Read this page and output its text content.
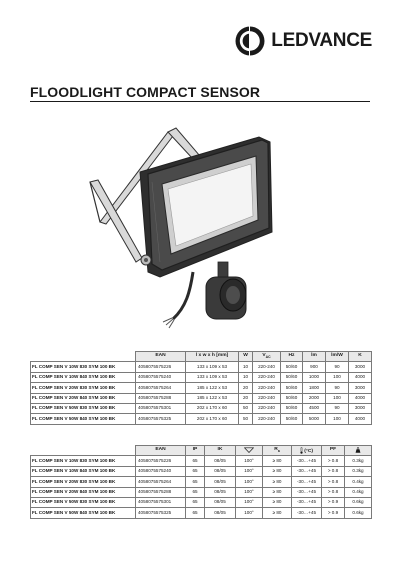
LEDVANCE
FLOODLIGHT COMPACT SENSOR
	EAN	l x w x h [mm]	W	$V_{AC}$	Hz	lm	lm/W	K
FL COMP SEN V 10W 830 SYM 100 BK	4058075575226	133 x 109 x 53	10	220-240	50/60	900	90	3000
FL COMP SEN V 10W 840 SYM 100 BK	4058075575240	133 x 109 x 53	10	220-240	50/60	1000	100	4000
FL COMP SEN V 20W 830 SYM 100 BK	4058075575264	185 x 122 x 53	20	220-240	50/60	1800	90	3000
FL COMP SEN V 20W 840 SYM 100 BK	4058075575288	185 x 122 x 53	20	220-240	50/60	2000	100	4000
FL COMP SEN V 50W 830 SYM 100 BK	4058075575301	202 x 170 x 60	50	220-240	50/60	4500	90	3000
FL COMP SEN V 50W 840 SYM 100 BK	4058075575325	202 x 170 x 60	50	220-240	50/60	5000	100	4000
	EAN	IP	IK		$R_a$	(°C)	PF	
FL COMP SEN V 10W 830 SYM 100 BK	4058075575226	65	08/05	100°	≥ 80	-30…+45	> 0.8	0.3kg
FL COMP SEN V 10W 840 SYM 100 BK	4058075575240	65	08/05	100°	≥ 80	-30…+45	> 0.8	0.3kg
FL COMP SEN V 20W 830 SYM 100 BK	4058075575264	65	08/05	100°	≥ 80	-30…+45	> 0.8	0.4kg
FL COMP SEN V 20W 840 SYM 100 BK	4058075575288	65	08/05	100°	≥ 80	-30…+45	> 0.8	0.4kg
FL COMP SEN V 50W 830 SYM 100 BK	4058075575301	65	08/05	100°	≥ 80	-30…+45	> 0.9	0.6kg
FL COMP SEN V 50W 840 SYM 100 BK	4058075575325	65	08/05	100°	≥ 80	-30…+45	> 0.9	0.6kg
